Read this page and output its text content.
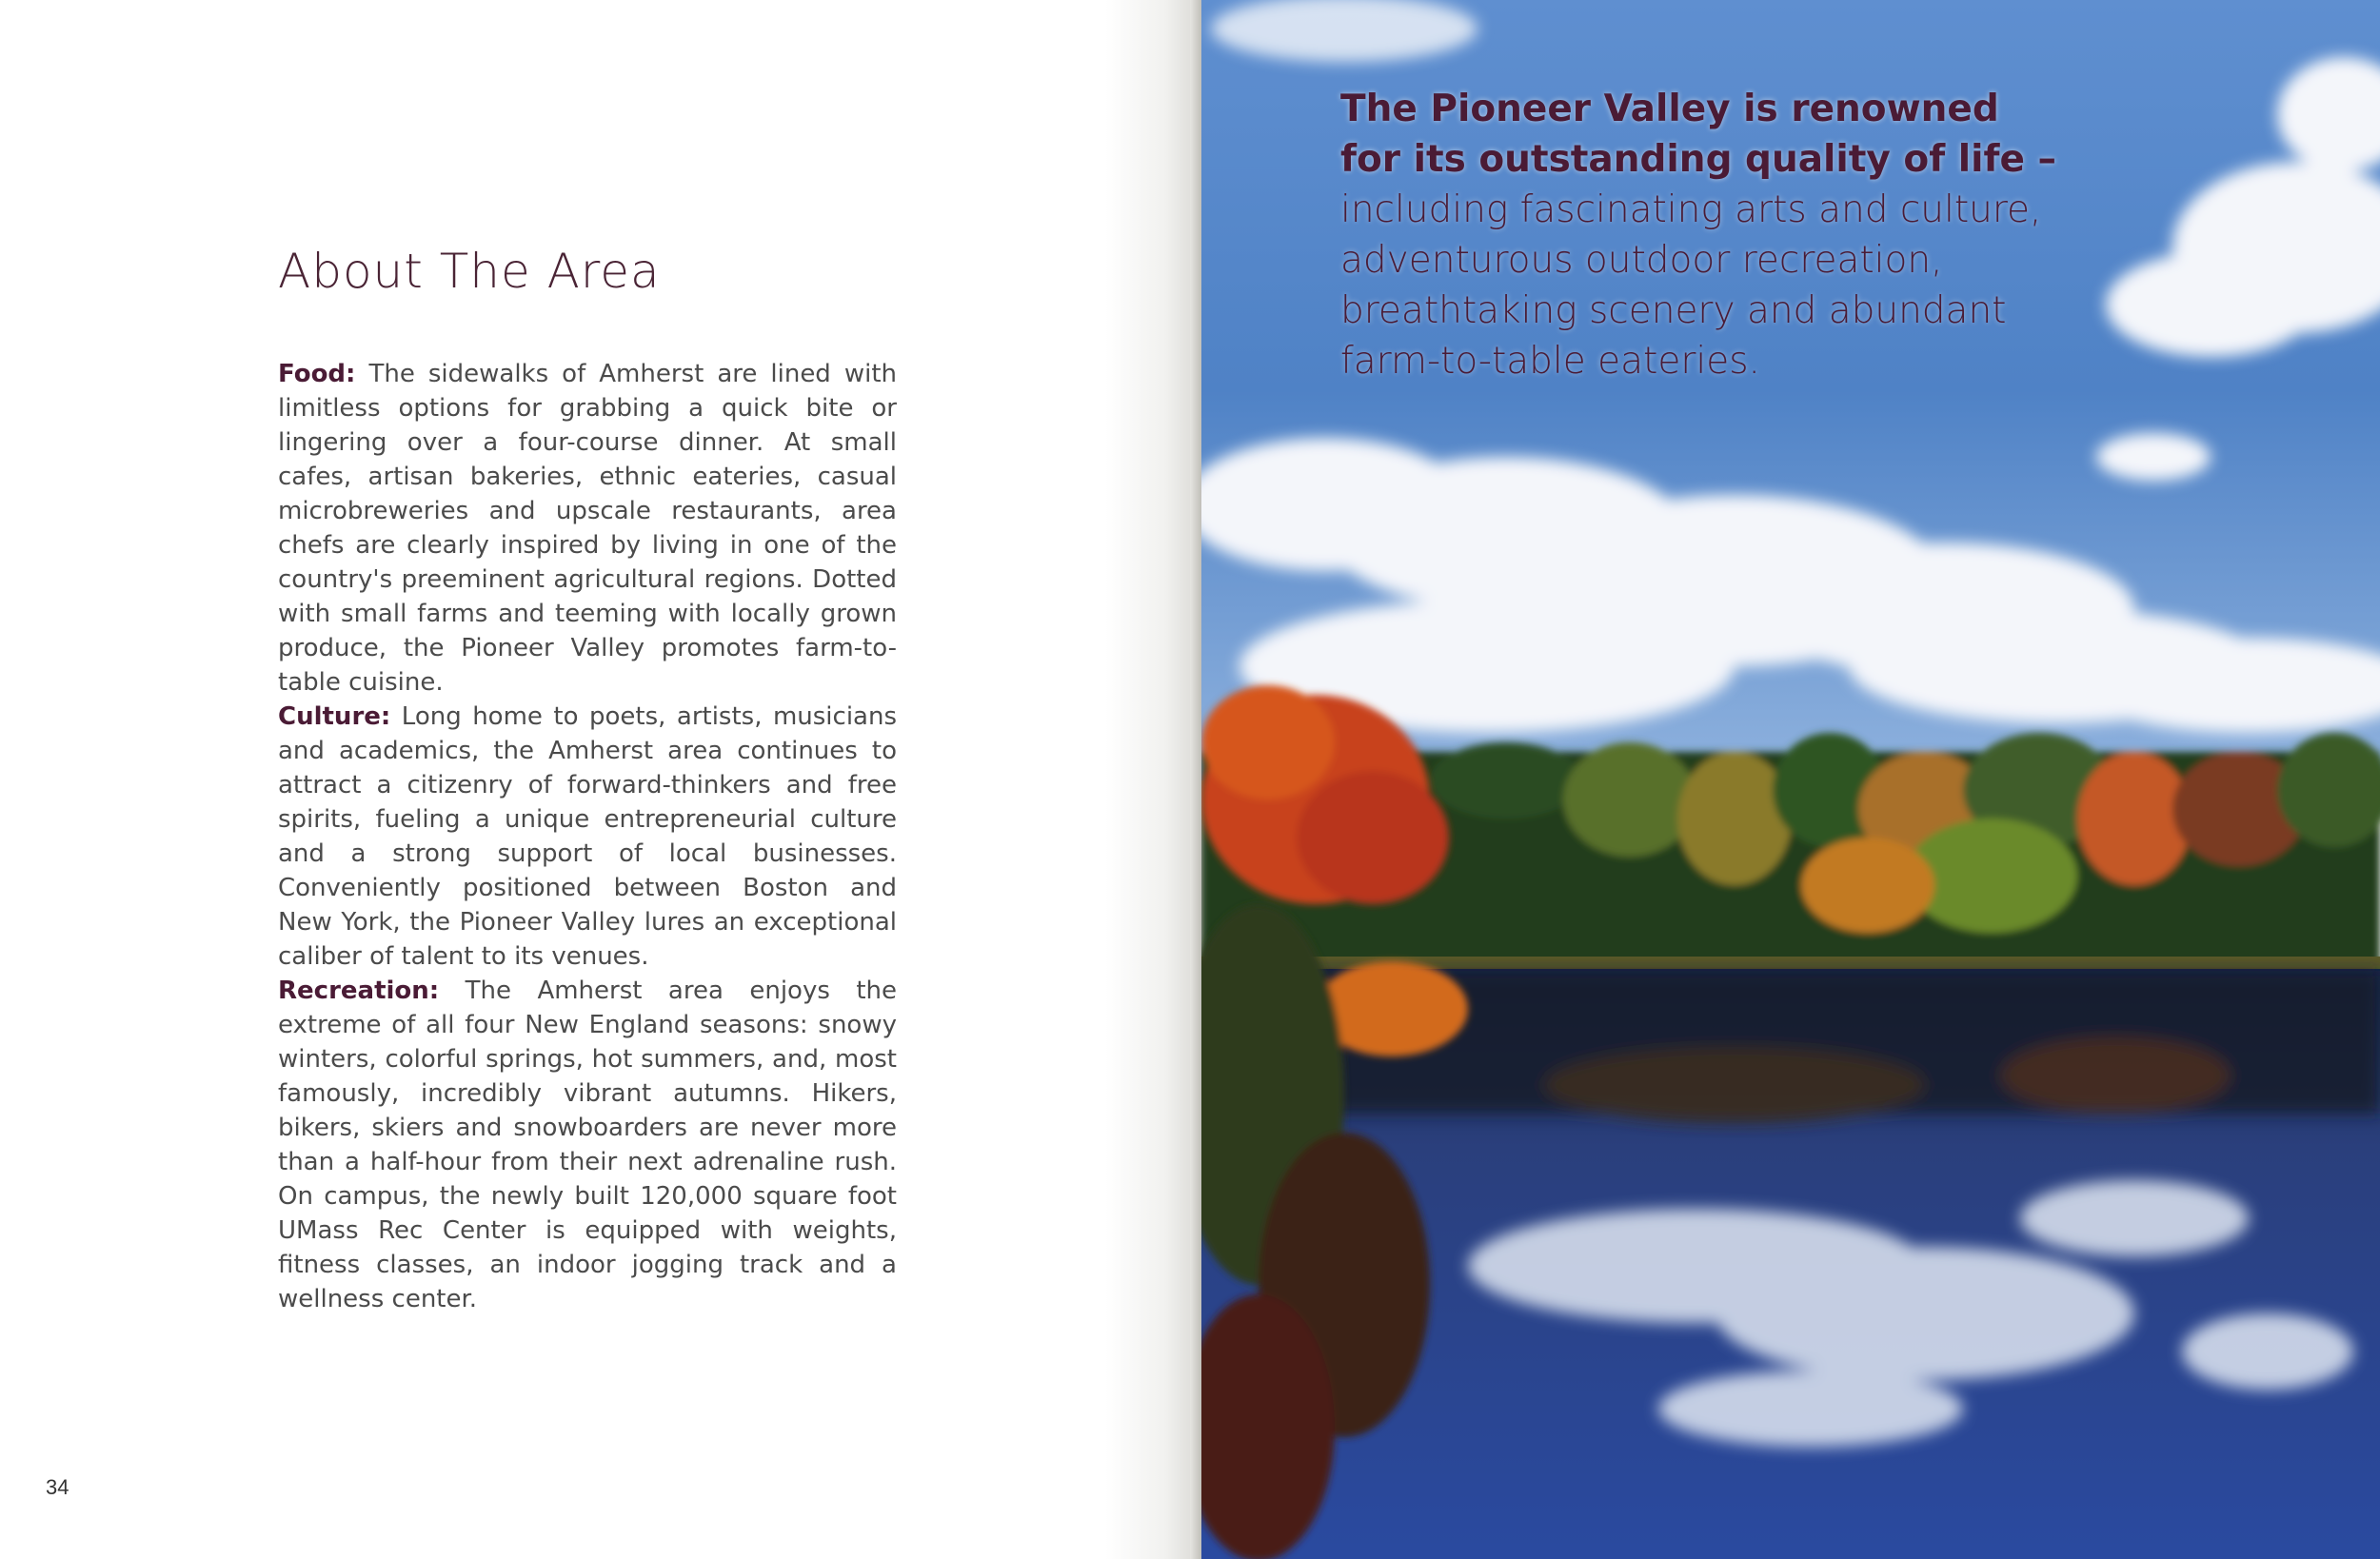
About The Area

Food: The sidewalks of Amherst are lined with limitless options for grabbing a quick bite or lingering over a four-course dinner. At small cafes, artisan bakeries, ethnic eateries, casual microbreweries and upscale restaurants, area chefs are clearly inspired by living in one of the country's preeminent agricultural regions. Dotted with small farms and teeming with locally grown produce, the Pioneer Valley promotes farm-to-table cuisine.

Culture: Long home to poets, artists, musicians and academics, the Amherst area continues to attract a citizenry of forward-thinkers and free spirits, fueling a unique entrepreneurial culture and a strong support of local businesses. Conveniently positioned between Boston and New York, the Pioneer Valley lures an exceptional caliber of talent to its venues.

Recreation: The Amherst area enjoys the extreme of all four New England seasons: snowy winters, colorful springs, hot summers, and, most famously, incredibly vibrant autumns. Hikers, bikers, skiers and snowboarders are never more than a half-hour from their next adrenaline rush. On campus, the newly built 120,000 square foot UMass Rec Center is equipped with weights, fitness classes, an indoor jogging track and a wellness center.

34

The Pioneer Valley is renowned for its outstanding quality of life – including fascinating arts and culture, adventurous outdoor recreation, breathtaking scenery and abundant farm-to-table eateries.
